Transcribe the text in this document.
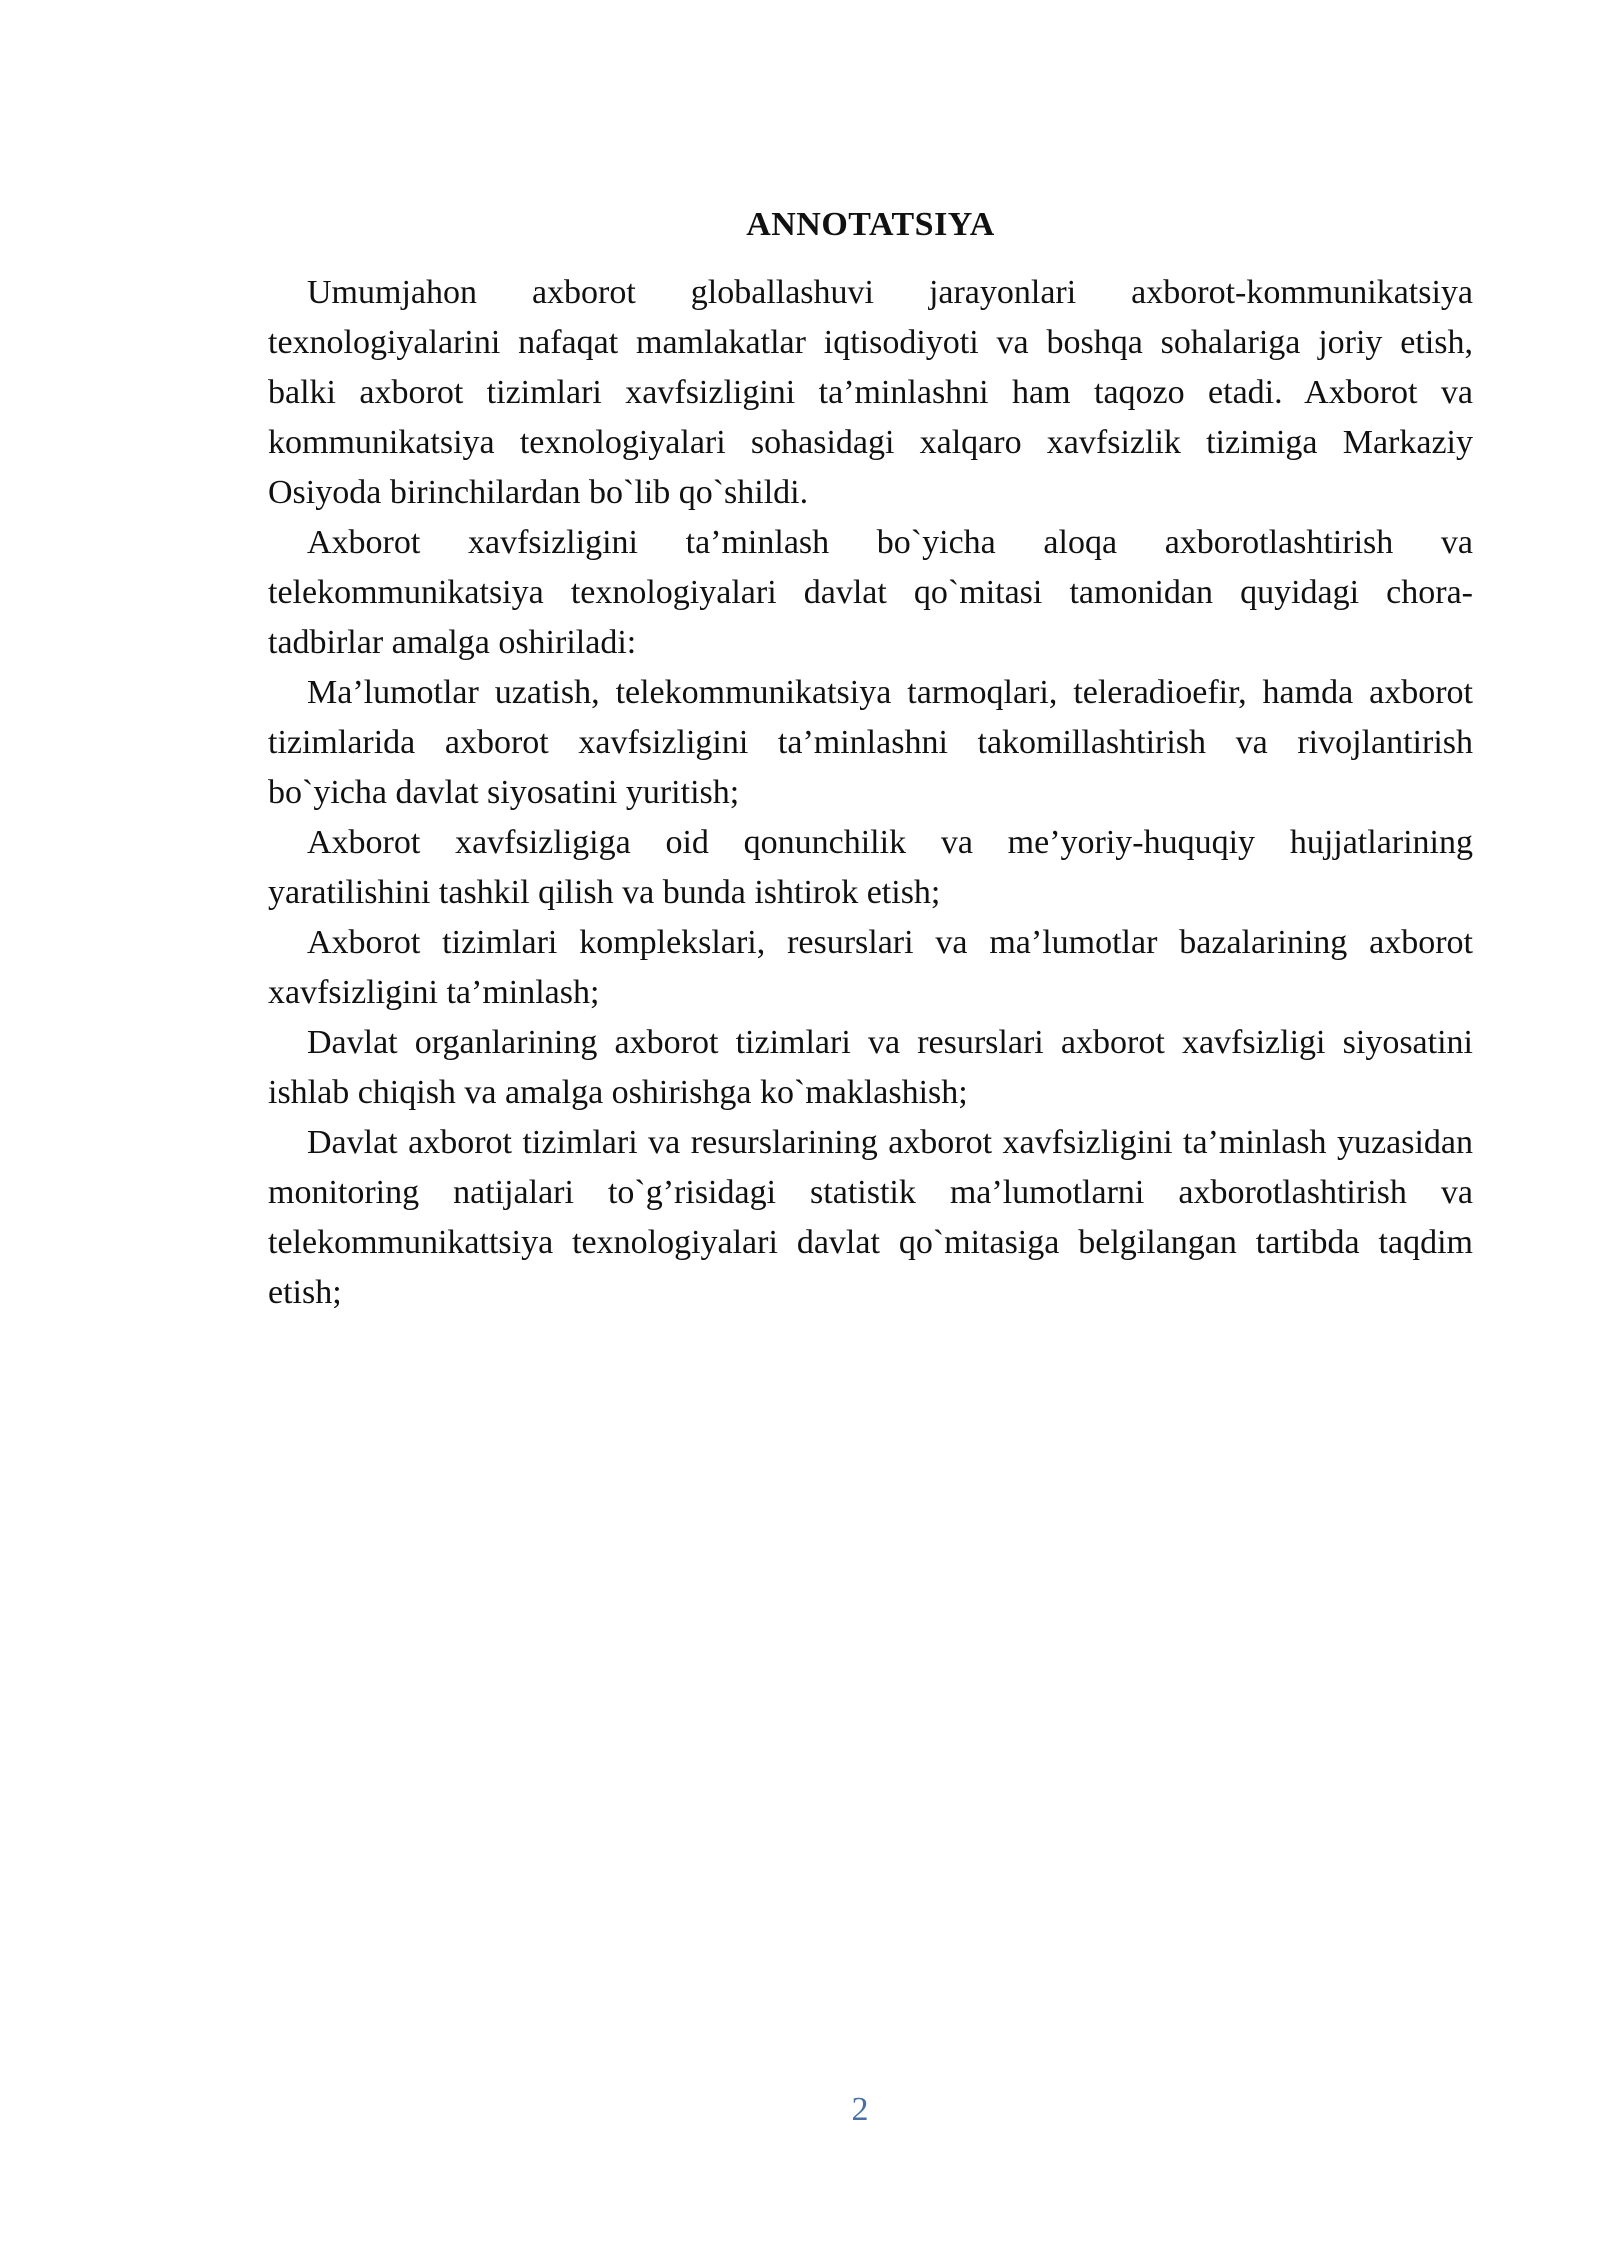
ANNOTATSIYA

Umumjahon axborot globallashuvi jarayonlari axborot-kommunikatsiya texnologiyalarini nafaqat mamlakatlar iqtisodiyoti va boshqa sohalariga joriy etish, balki axborot tizimlari xavfsizligini ta’minlashni ham taqozo etadi. Axborot va kommunikatsiya texnologiyalari sohasidagi xalqaro xavfsizlik tizimiga Markaziy Osiyoda birinchilardan bo`lib qo`shildi.

Axborot xavfsizligini ta’minlash bo`yicha aloqa axborotlashtirish va telekommunikatsiya texnologiyalari davlat qo`mitasi tamonidan quyidagi chora-tadbirlar amalga oshiriladi:

Ma’lumotlar uzatish, telekommunikatsiya tarmoqlari, teleradioefir, hamda axborot tizimlarida axborot xavfsizligini ta’minlashni takomillashtirish va rivojlantirish bo`yicha davlat siyosatini yuritish;

Axborot xavfsizligiga oid qonunchilik va me’yoriy-huquqiy hujjatlarining yaratilishini tashkil qilish va bunda ishtirok etish;

Axborot tizimlari komplekslari, resurslari va ma’lumotlar bazalarining axborot xavfsizligini ta’minlash;

Davlat organlarining axborot tizimlari va resurslari axborot xavfsizligi siyosatini ishlab chiqish va amalga oshirishga ko`maklashish;

Davlat axborot tizimlari va resurslarining axborot xavfsizligini ta’minlash yuzasidan monitoring natijalari to`g’risidagi statistik ma’lumotlarni axborotlashtirish va telekommunikattsiya texnologiyalari davlat qo`mitasiga belgilangan tartibda taqdim etish;

2
